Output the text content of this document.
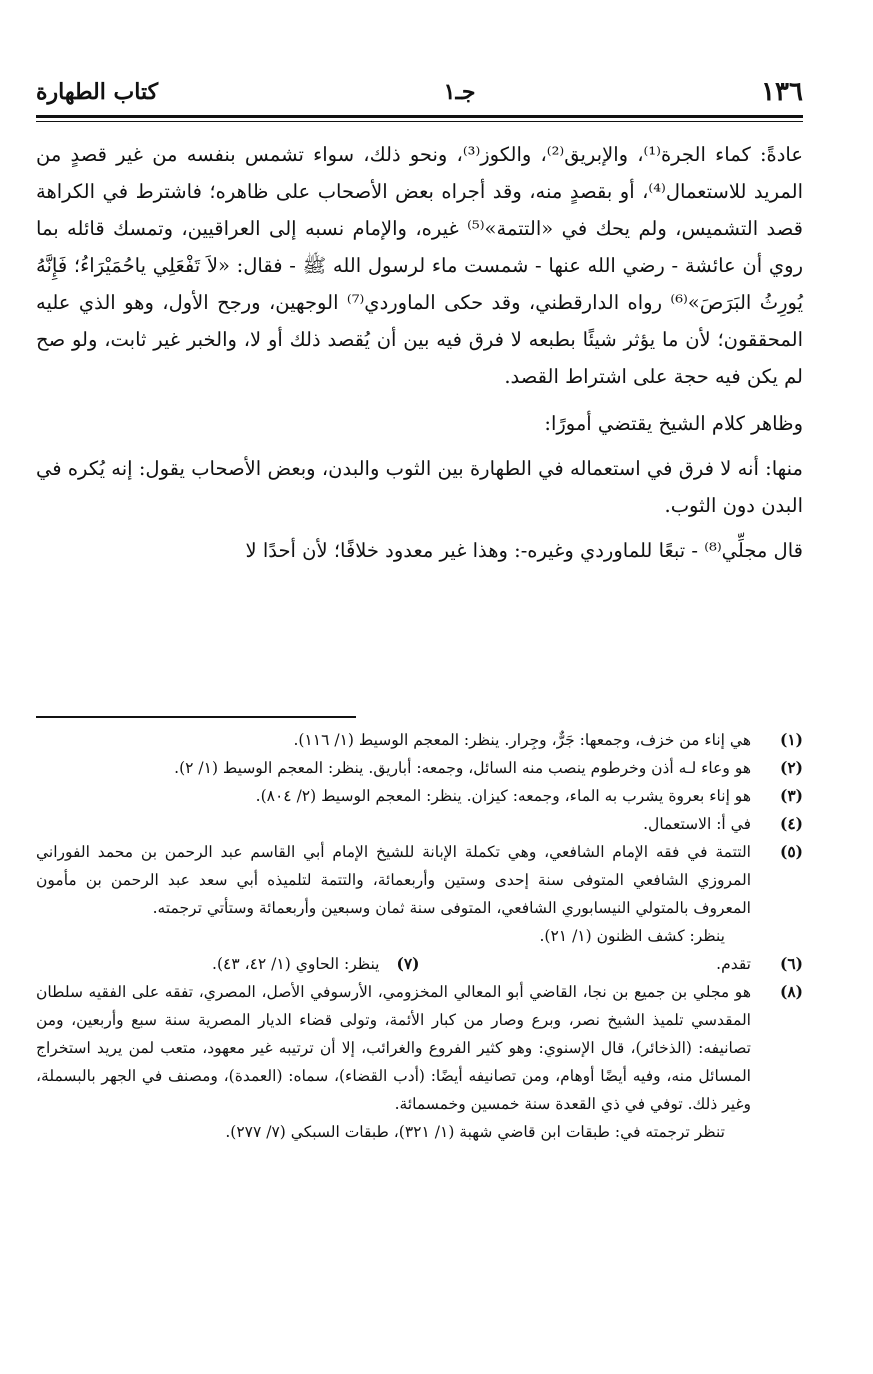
١٣٦
جـ١
كتاب الطهارة

عادةً: كماء الجرة⁽¹⁾، والإبريق⁽²⁾، والكوز⁽³⁾، ونحو ذلك، سواء تشمس بنفسه من غير قصدٍ من المريد للاستعمال⁽⁴⁾، أو بقصدٍ منه، وقد أجراه بعض الأصحاب على ظاهره؛ فاشترط في الكراهة قصد التشميس، ولم يحك في «التتمة»⁽⁵⁾ غيره، والإمام نسبه إلى العراقيين، وتمسك قائله بما روي أن عائشة - رضي الله عنها - شمست ماء لرسول الله ﷺ - فقال: «لاَ تَفْعَلِي ياحُمَيْرَاءُ؛ فَإِنَّهُ يُورِثُ البَرَصَ»⁽⁶⁾ رواه الدارقطني، وقد حكى الماوردي⁽⁷⁾ الوجهين، ورجح الأول، وهو الذي عليه المحققون؛ لأن ما يؤثر شيئًا بطبعه لا فرق فيه بين أن يُقصد ذلك أو لا، والخبر غير ثابت، ولو صح لم يكن فيه حجة على اشتراط القصد.

وظاهر كلام الشيخ يقتضي أمورًا:

منها: أنه لا فرق في استعماله في الطهارة بين الثوب والبدن، وبعض الأصحاب يقول: إنه يُكره في البدن دون الثوب.

قال مجلِّي⁽⁸⁾ - تبعًا للماوردي وغيره-: وهذا غير معدود خلافًا؛ لأن أحدًا لا

(١)
هي إناء من خزف، وجمعها: جَرٌّ، وجِرار. ينظر: المعجم الوسيط (١/ ١١٦).
(٢)
هو وعاء لـه أذن وخرطوم ينصب منه السائل، وجمعه: أباريق. ينظر: المعجم الوسيط (١/ ٢).
(٣)
هو إناء بعروة يشرب به الماء، وجمعه: كيزان. ينظر: المعجم الوسيط (٢/ ٨٠٤).
(٤)
في أ: الاستعمال.
(٥)
التتمة في فقه الإمام الشافعي، وهي تكملة الإبانة للشيخ الإمام أبي القاسم عبد الرحمن بن محمد الفوراني المروزي الشافعي المتوفى سنة إحدى وستين وأربعمائة، والتتمة لتلميذه أبي سعد عبد الرحمن بن مأمون المعروف بالمتولي النيسابوري الشافعي، المتوفى سنة ثمان وسبعين وأربعمائة وستأتي ترجمته.
ينظر: كشف الظنون (١/ ٢١).
(٦)
تقدم.
(٧)
ينظر: الحاوي (١/ ٤٢، ٤٣).
(٨)
هو مجلي بن جميع بن نجا، القاضي أبو المعالي المخزومي، الأرسوفي الأصل، المصري، تفقه على الفقيه سلطان المقدسي تلميذ الشيخ نصر، وبرع وصار من كبار الأئمة، وتولى قضاء الديار المصرية سنة سبع وأربعين، ومن تصانيفه: (الذخائر)، قال الإسنوي: وهو كثير الفروع والغرائب، إلا أن ترتيبه غير معهود، متعب لمن يريد استخراج المسائل منه، وفيه أيضًا أوهام، ومن تصانيفه أيضًا: (أدب القضاء)، سماه: (العمدة)، ومصنف في الجهر بالبسملة، وغير ذلك. توفي في ذي القعدة سنة خمسين وخمسمائة.
تنظر ترجمته في: طبقات ابن قاضي شهبة (١/ ٣٢١)، طبقات السبكي (٧/ ٢٧٧).
